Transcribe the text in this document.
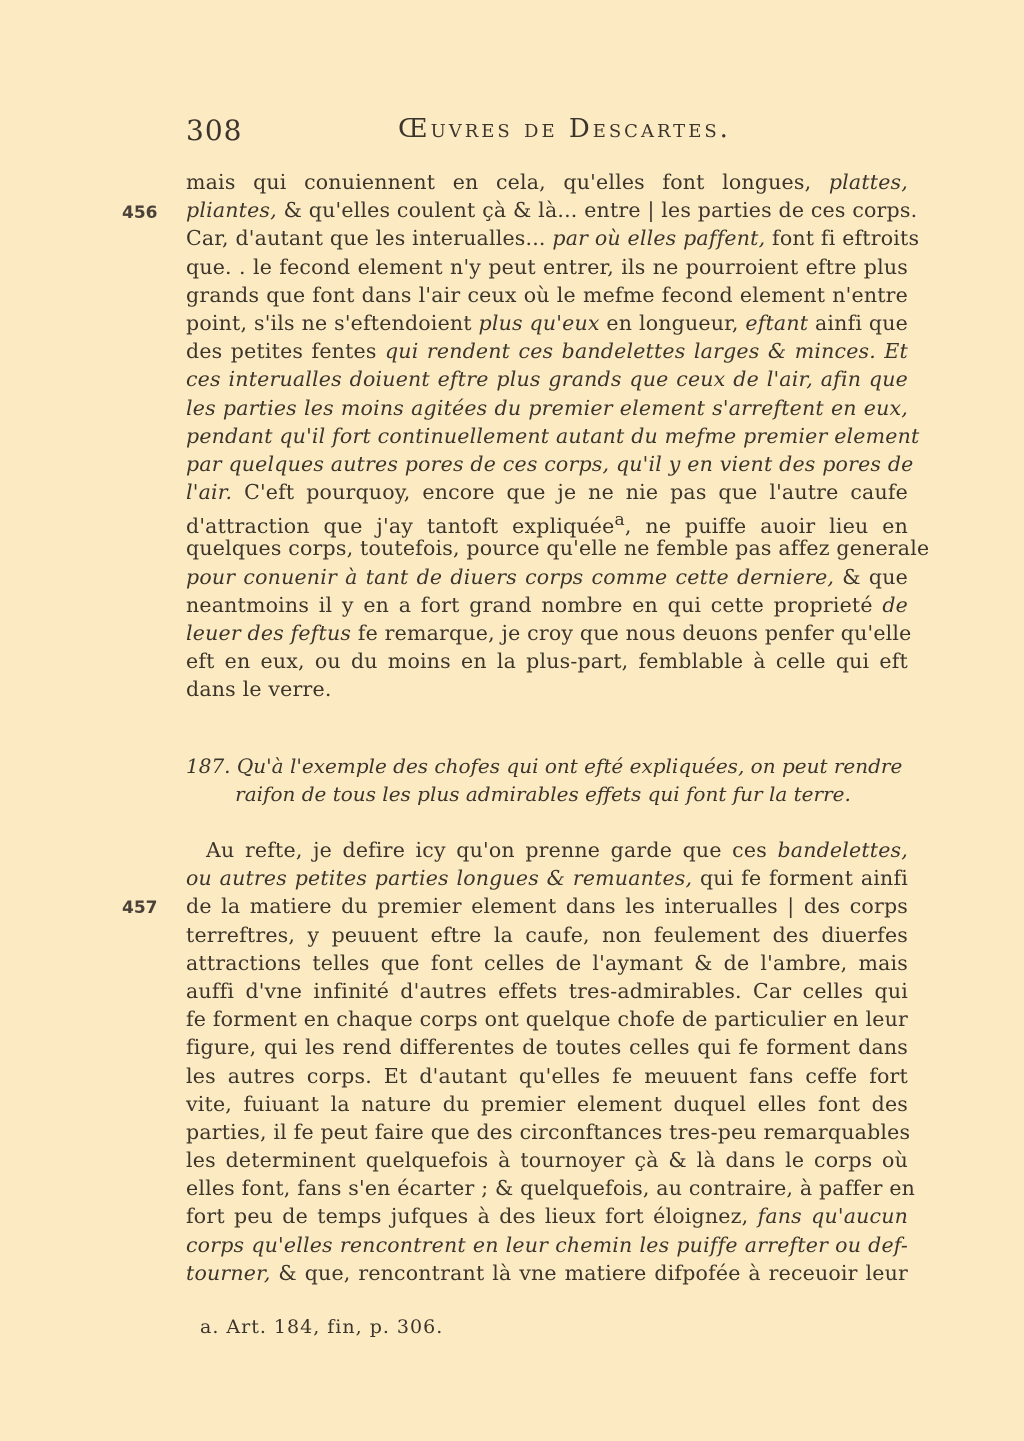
308	Œuvres de Descartes.
456
457
mais qui conuiennent en cela, qu'elles font longues, plattes,
pliantes, & qu'elles coulent çà & là... entre | les parties de ces corps.
Car, d'autant que les interualles... par où elles paffent, font fi eftroits
que. . le fecond element n'y peut entrer, ils ne pourroient eftre plus
grands que font dans l'air ceux où le mefme fecond element n'entre
point, s'ils ne s'eftendoient plus qu'eux en longueur, eftant ainfi que
des petites fentes qui rendent ces bandelettes larges & minces. Et
ces interualles doiuent eftre plus grands que ceux de l'air, afin que
les parties les moins agitées du premier element s'arreftent en eux,
pendant qu'il fort continuellement autant du mefme premier element
par quelques autres pores de ces corps, qu'il y en vient des pores de
l'air. C'eft pourquoy, encore que je ne nie pas que l'autre caufe
d'attraction que j'ay tantoft expliquée$^a$, ne puiffe auoir lieu en
quelques corps, toutefois, pource qu'elle ne femble pas affez generale
pour conuenir à tant de diuers corps comme cette derniere, & que
neantmoins il y en a fort grand nombre en qui cette proprieté de
leuer des feftus fe remarque, je croy que nous deuons penfer qu'elle
eft en eux, ou du moins en la plus-part, femblable à celle qui eft
dans le verre.
187. Qu'à l'exemple des chofes qui ont efté expliquées, on peut rendre
raifon de tous les plus admirables effets qui font fur la terre.
Au refte, je defire icy qu'on prenne garde que ces bandelettes,
ou autres petites parties longues & remuantes, qui fe forment ainfi
de la matiere du premier element dans les interualles | des corps
terreftres, y peuuent eftre la caufe, non feulement des diuerfes
attractions telles que font celles de l'aymant & de l'ambre, mais
auffi d'vne infinité d'autres effets tres-admirables. Car celles qui
fe forment en chaque corps ont quelque chofe de particulier en leur
figure, qui les rend differentes de toutes celles qui fe forment dans
les autres corps. Et d'autant qu'elles fe meuuent fans ceffe fort
vite, fuiuant la nature du premier element duquel elles font des
parties, il fe peut faire que des circonftances tres-peu remarquables
les determinent quelquefois à tournoyer çà & là dans le corps où
elles font, fans s'en écarter ; & quelquefois, au contraire, à paffer en
fort peu de temps jufques à des lieux fort éloignez, fans qu'aucun
corps qu'elles rencontrent en leur chemin les puiffe arrefter ou def-
tourner, & que, rencontrant là vne matiere difpofée à receuoir leur
a. Art. 184, fin, p. 306.
